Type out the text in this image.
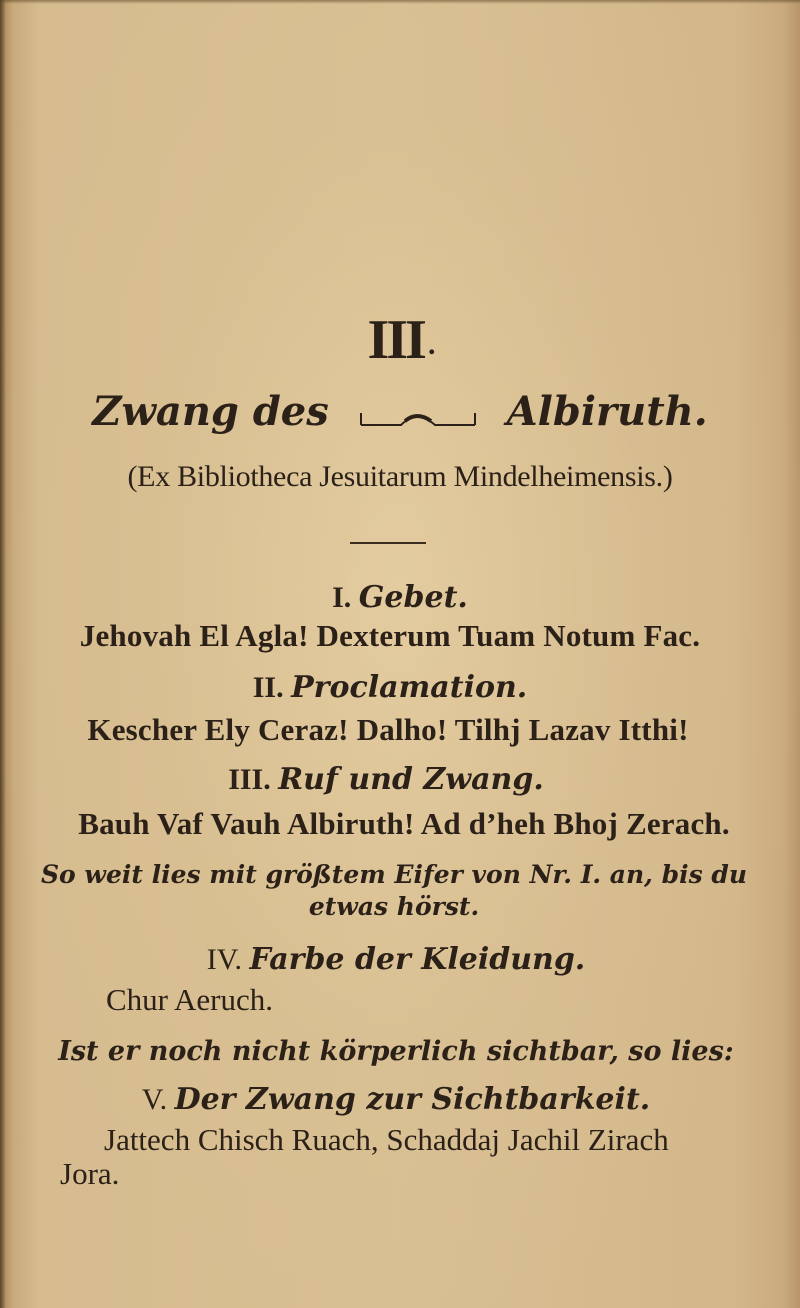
III .
Zwang des	Albiruth.
(Ex Bibliotheca Jesuitarum Mindelheimensis.)
I. Gebet.
Jehovah El Agla! Dexterum Tuam Notum Fac.
II. Proclamation.
Kescher Ely Ceraz! Dalho! Tilhj Lazav Itthi!
III. Ruf und Zwang.
Bauh Vaf Vauh Albiruth! Ad d’heh Bhoj Zerach.
So weit lies mit größtem Eifer von Nr. I. an, bis du
etwas hörst.
IV. Farbe der Kleidung.
Chur Aeruch.
Ist er noch nicht körperlich sichtbar, so lies:
V. Der Zwang zur Sichtbarkeit.
Jattech Chisch Ruach, Schaddaj Jachil Zirach
Jora.
